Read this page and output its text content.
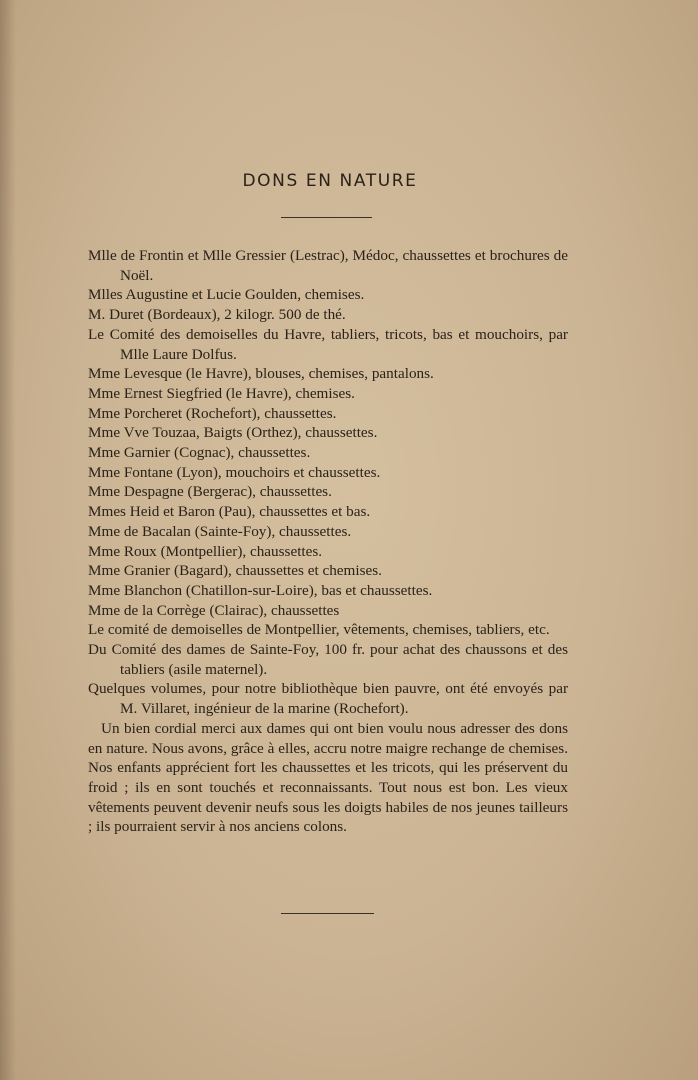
DONS EN NATURE

Mlle de Frontin et Mlle Gressier (Lestrac), Médoc, chaussettes et brochures de Noël.

Mlles Augustine et Lucie Goulden, chemises.

M. Duret (Bordeaux), 2 kilogr. 500 de thé.

Le Comité des demoiselles du Havre, tabliers, tricots, bas et mouchoirs, par Mlle Laure Dolfus.

Mme Levesque (le Havre), blouses, chemises, pantalons.

Mme Ernest Siegfried (le Havre), chemises.

Mme Porcheret (Rochefort), chaussettes.

Mme Vve Touzaa, Baigts (Orthez), chaussettes.

Mme Garnier (Cognac), chaussettes.

Mme Fontane (Lyon), mouchoirs et chaussettes.

Mme Despagne (Bergerac), chaussettes.

Mmes Heid et Baron (Pau), chaussettes et bas.

Mme de Bacalan (Sainte-Foy), chaussettes.

Mme Roux (Montpellier), chaussettes.

Mme Granier (Bagard), chaussettes et chemises.

Mme Blanchon (Chatillon-sur-Loire), bas et chaussettes.

Mme de la Corrège (Clairac), chaussettes

Le comité de demoiselles de Montpellier, vêtements, chemises, tabliers, etc.

Du Comité des dames de Sainte-Foy, 100 fr. pour achat des chaussons et des tabliers (asile maternel).

Quelques volumes, pour notre bibliothèque bien pauvre, ont été envoyés par M. Villaret, ingénieur de la marine (Rochefort).

Un bien cordial merci aux dames qui ont bien voulu nous adresser des dons en nature. Nous avons, grâce à elles, accru notre maigre rechange de chemises. Nos enfants apprécient fort les chaussettes et les tricots, qui les préservent du froid ; ils en sont touchés et reconnaissants. Tout nous est bon. Les vieux vêtements peuvent devenir neufs sous les doigts habiles de nos jeunes tailleurs ; ils pourraient servir à nos anciens colons.
